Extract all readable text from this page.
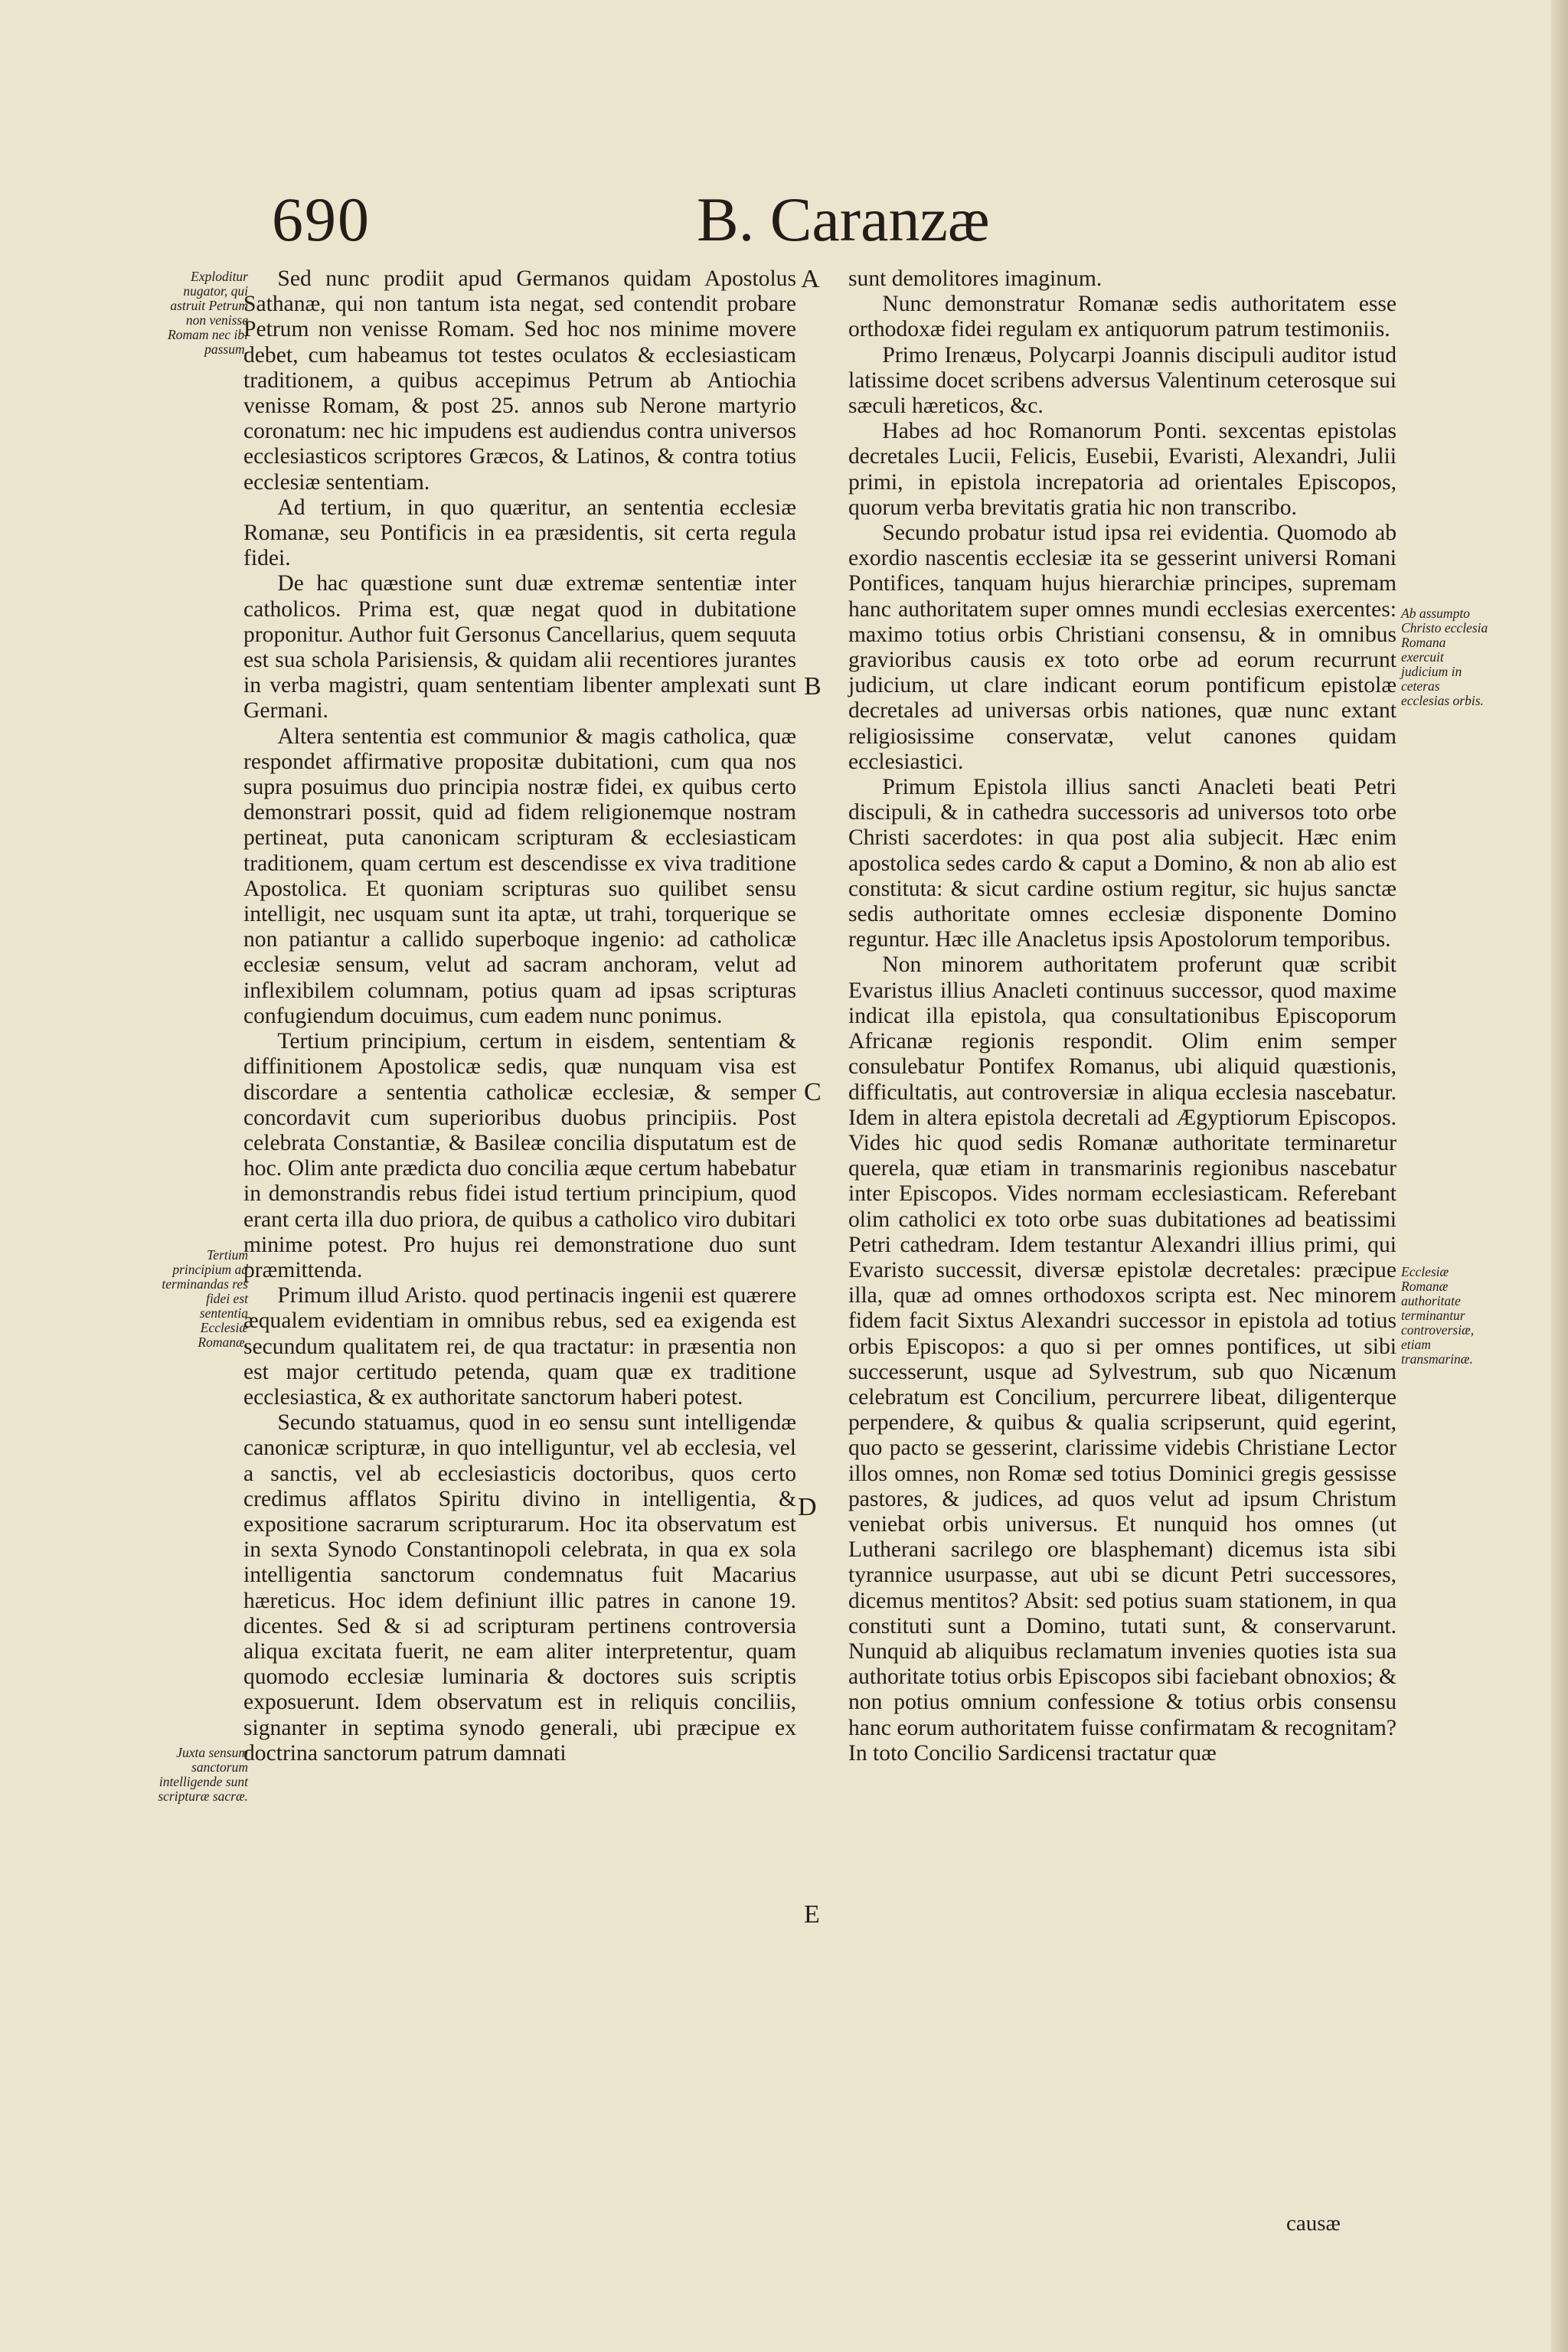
690	B. Caranzæ
Exploditur nugator, qui astruit Petrum non venisse Romam nec ibi passum.
Tertium principium ad terminandas res fidei est sententia Ecclesiæ Romanæ.
Juxta sensum sanctorum intelligende sunt scripturæ sacræ.
Ab assumpto Christo ecclesia Romana exercuit judicium in ceteras ecclesias orbis.
Ecclesiæ Romanæ authoritate terminantur controversiæ, etiam transmarinæ.
A
B
C
D
E

Sed nunc prodiit apud Germanos quidam Apostolus Sathanæ, qui non tantum ista negat, sed contendit probare Petrum non venisse Romam. Sed hoc nos minime movere debet, cum habeamus tot testes oculatos & ecclesiasticam traditionem, a quibus accepimus Petrum ab Antiochia venisse Romam, & post 25. annos sub Nerone martyrio coronatum: nec hic impudens est audiendus contra universos ecclesiasticos scriptores Græcos, & Latinos, & contra totius ecclesiæ sententiam.

Ad tertium, in quo quæritur, an sententia ecclesiæ Romanæ, seu Pontificis in ea præsidentis, sit certa regula fidei.

De hac quæstione sunt duæ extremæ sententiæ inter catholicos. Prima est, quæ negat quod in dubitatione proponitur. Author fuit Gersonus Cancellarius, quem sequuta est sua schola Parisiensis, & quidam alii recentiores jurantes in verba magistri, quam sententiam libenter amplexati sunt Germani.

Altera sententia est communior & magis catholica, quæ respondet affirmative propositæ dubitationi, cum qua nos supra posuimus duo principia nostræ fidei, ex quibus certo demonstrari possit, quid ad fidem religionemque nostram pertineat, puta canonicam scripturam & ecclesiasticam traditionem, quam certum est descendisse ex viva traditione Apostolica. Et quoniam scripturas suo quilibet sensu intelligit, nec usquam sunt ita aptæ, ut trahi, torquerique se non patiantur a callido superboque ingenio: ad catholicæ ecclesiæ sensum, velut ad sacram anchoram, velut ad inflexibilem columnam, potius quam ad ipsas scripturas confugiendum docuimus, cum eadem nunc ponimus.

Tertium principium, certum in eisdem, sententiam & diffinitionem Apostolicæ sedis, quæ nunquam visa est discordare a sententia catholicæ ecclesiæ, & semper concordavit cum superioribus duobus principiis. Post celebrata Constantiæ, & Basileæ concilia disputatum est de hoc. Olim ante prædicta duo concilia æque certum habebatur in demonstrandis rebus fidei istud tertium principium, quod erant certa illa duo priora, de quibus a catholico viro dubitari minime potest. Pro hujus rei demonstratione duo sunt præmittenda.

Primum illud Aristo. quod pertinacis ingenii est quærere æqualem evidentiam in omnibus rebus, sed ea exigenda est secundum qualitatem rei, de qua tractatur: in præsentia non est major certitudo petenda, quam quæ ex traditione ecclesiastica, & ex authoritate sanctorum haberi potest.

Secundo statuamus, quod in eo sensu sunt intelligendæ canonicæ scripturæ, in quo intelliguntur, vel ab ecclesia, vel a sanctis, vel ab ecclesiasticis doctoribus, quos certo credimus afflatos Spiritu divino in intelligentia, & expositione sacrarum scripturarum. Hoc ita observatum est in sexta Synodo Constantinopoli celebrata, in qua ex sola intelligentia sanctorum condemnatus fuit Macarius hæreticus. Hoc idem definiunt illic patres in canone 19. dicentes. Sed & si ad scripturam pertinens controversia aliqua excitata fuerit, ne eam aliter interpretentur, quam quomodo ecclesiæ luminaria & doctores suis scriptis exposuerunt. Idem observatum est in reliquis conciliis, signanter in septima synodo generali, ubi præcipue ex doctrina sanctorum patrum damnati

sunt demolitores imaginum.

Nunc demonstratur Romanæ sedis authoritatem esse orthodoxæ fidei regulam ex antiquorum patrum testimoniis.

Primo Irenæus, Polycarpi Joannis discipuli auditor istud latissime docet scribens adversus Valentinum ceterosque sui sæculi hæreticos, &c.

Habes ad hoc Romanorum Ponti. sexcentas epistolas decretales Lucii, Felicis, Eusebii, Evaristi, Alexandri, Julii primi, in epistola increpatoria ad orientales Episcopos, quorum verba brevitatis gratia hic non transcribo.

Secundo probatur istud ipsa rei evidentia. Quomodo ab exordio nascentis ecclesiæ ita se gesserint universi Romani Pontifices, tanquam hujus hierarchiæ principes, supremam hanc authoritatem super omnes mundi ecclesias exercentes: maximo totius orbis Christiani consensu, & in omnibus gravioribus causis ex toto orbe ad eorum recurrunt judicium, ut clare indicant eorum pontificum epistolæ decretales ad universas orbis nationes, quæ nunc extant religiosissime conservatæ, velut canones quidam ecclesiastici.

Primum Epistola illius sancti Anacleti beati Petri discipuli, & in cathedra successoris ad universos toto orbe Christi sacerdotes: in qua post alia subjecit. Hæc enim apostolica sedes cardo & caput a Domino, & non ab alio est constituta: & sicut cardine ostium regitur, sic hujus sanctæ sedis authoritate omnes ecclesiæ disponente Domino reguntur. Hæc ille Anacletus ipsis Apostolorum temporibus.

Non minorem authoritatem proferunt quæ scribit Evaristus illius Anacleti continuus successor, quod maxime indicat illa epistola, qua consultationibus Episcoporum Africanæ regionis respondit. Olim enim semper consulebatur Pontifex Romanus, ubi aliquid quæstionis, difficultatis, aut controversiæ in aliqua ecclesia nascebatur. Idem in altera epistola decretali ad Ægyptiorum Episcopos. Vides hic quod sedis Romanæ authoritate terminaretur querela, quæ etiam in transmarinis regionibus nascebatur inter Episcopos. Vides normam ecclesiasticam. Referebant olim catholici ex toto orbe suas dubitationes ad beatissimi Petri cathedram. Idem testantur Alexandri illius primi, qui Evaristo successit, diversæ epistolæ decretales: præcipue illa, quæ ad omnes orthodoxos scripta est. Nec minorem fidem facit Sixtus Alexandri successor in epistola ad totius orbis Episcopos: a quo si per omnes pontifices, ut sibi successerunt, usque ad Sylvestrum, sub quo Nicænum celebratum est Concilium, percurrere libeat, diligenterque perpendere, & quibus & qualia scripserunt, quid egerint, quo pacto se gesserint, clarissime videbis Christiane Lector illos omnes, non Romæ sed totius Dominici gregis gessisse pastores, & judices, ad quos velut ad ipsum Christum veniebat orbis universus. Et nunquid hos omnes (ut Lutherani sacrilego ore blasphemant) dicemus ista sibi tyrannice usurpasse, aut ubi se dicunt Petri successores, dicemus mentitos? Absit: sed potius suam stationem, in qua constituti sunt a Domino, tutati sunt, & conservarunt. Nunquid ab aliquibus reclamatum invenies quoties ista sua authoritate totius orbis Episcopos sibi faciebant obnoxios; & non potius omnium confessione & totius orbis consensu hanc eorum authoritatem fuisse confirmatam & recognitam? In toto Concilio Sardicensi tractatur quæ

causæ
